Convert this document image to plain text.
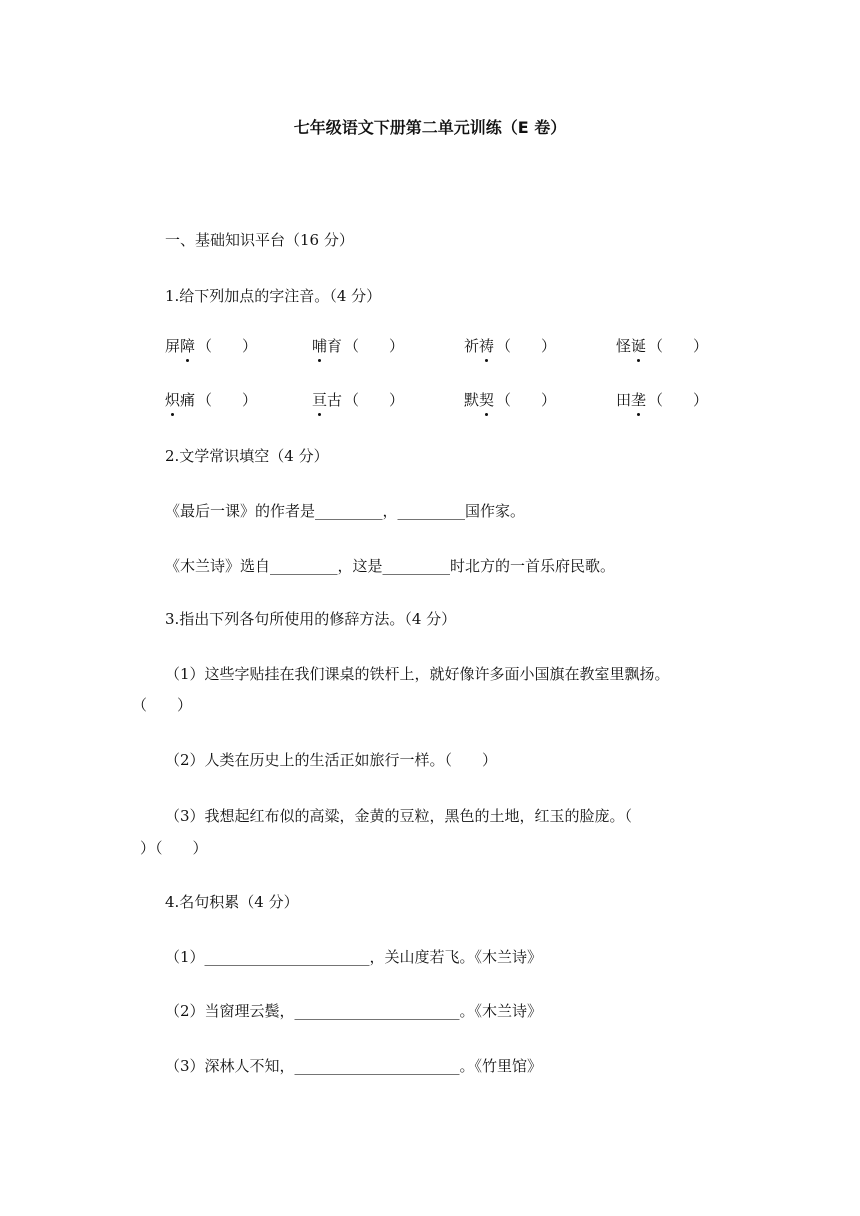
七年级语文下册第二单元训练（E 卷）
一、基础知识平台（16 分）
1.给下列加点的字注音。（4 分）
屏障 （　　）	哺育 （　　）	祈祷 （　　）	怪诞 （　　）
炽痛 （　　）	亘古 （　　）	默契 （　　）	田垄 （　　）
2.文学常识填空（4 分）
《最后一课》的作者是_________，_________国作家。
《木兰诗》选自_________，这是_________时北方的一首乐府民歌。
3.指出下列各句所使用的修辞方法。（4 分）
（1）这些字贴挂在我们课桌的铁杆上，就好像许多面小国旗在教室里飘扬。
（　　）
（2）人类在历史上的生活正如旅行一样。（　　）
（3）我想起红布似的高粱，金黄的豆粒，黑色的土地，红玉的脸庞。（
）（　　）
4.名句积累（4 分）
（1）______________________，关山度若飞。《木兰诗》
（2）当窗理云鬓，______________________。《木兰诗》
（3）深林人不知，______________________。《竹里馆》
